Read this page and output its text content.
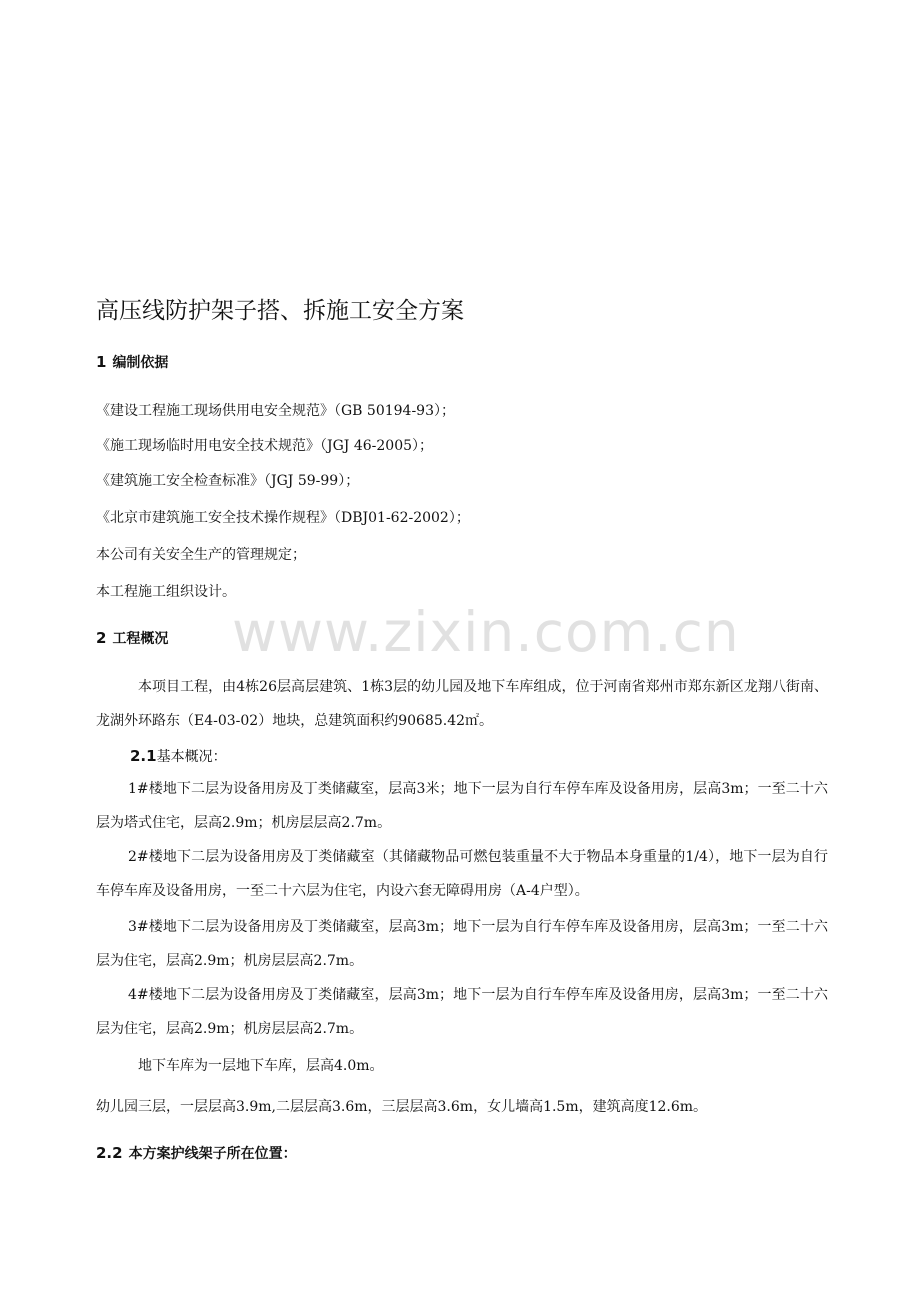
高压线防护架子搭、拆施工安全方案
1 编制依据
《建设工程施工现场供用电安全规范》（GB 50194-93）；
《施工现场临时用电安全技术规范》（JGJ 46-2005）；
《建筑施工安全检查标准》（JGJ 59-99）；
《北京市建筑施工安全技术操作规程》（DBJ01-62-2002）；
本公司有关安全生产的管理规定；
本工程施工组织设计。
2 工程概况

本项目工程，由4栋26层高层建筑、1栋3层的幼儿园及地下车库组成，位于河南省郑州市郑东新区龙翔八街南、龙湖外环路东（E4-03-02）地块，总建筑面积约90685.42㎡。

2.1基本概况：

1#楼地下二层为设备用房及丁类储藏室，层高3米；地下一层为自行车停车库及设备用房，层高3m；一至二十六层为塔式住宅，层高2.9m；机房层层高2.7m。

2#楼地下二层为设备用房及丁类储藏室（其储藏物品可燃包装重量不大于物品本身重量的1/4），地下一层为自行车停车库及设备用房，一至二十六层为住宅，内设六套无障碍用房（A-4户型）。

3#楼地下二层为设备用房及丁类储藏室，层高3m；地下一层为自行车停车库及设备用房，层高3m；一至二十六层为住宅，层高2.9m；机房层层高2.7m。

4#楼地下二层为设备用房及丁类储藏室，层高3m；地下一层为自行车停车库及设备用房，层高3m；一至二十六层为住宅，层高2.9m；机房层层高2.7m。

地下车库为一层地下车库，层高4.0m。
幼儿园三层，一层层高3.9m,二层层高3.6m，三层层高3.6m，女儿墙高1.5m，建筑高度12.6m。
2.2 本方案护线架子所在位置：
www.zixin.com.cn
